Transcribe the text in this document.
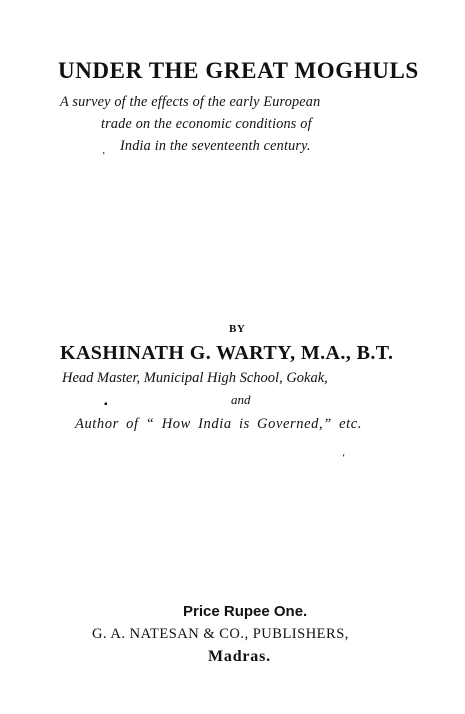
UNDER THE GREAT MOGHULS
A survey of the effects of the early European
trade on the economic conditions of
India in the seventeenth century.
’
BY
KASHINATH G. WARTY, M.A., B.T.
Head Master, Municipal High School, Gokak,
▪	and
Author of “ How India is Governed,” etc.
‘
Price Rupee One.
G. A. NATESAN & CO., PUBLISHERS,
Madras.
